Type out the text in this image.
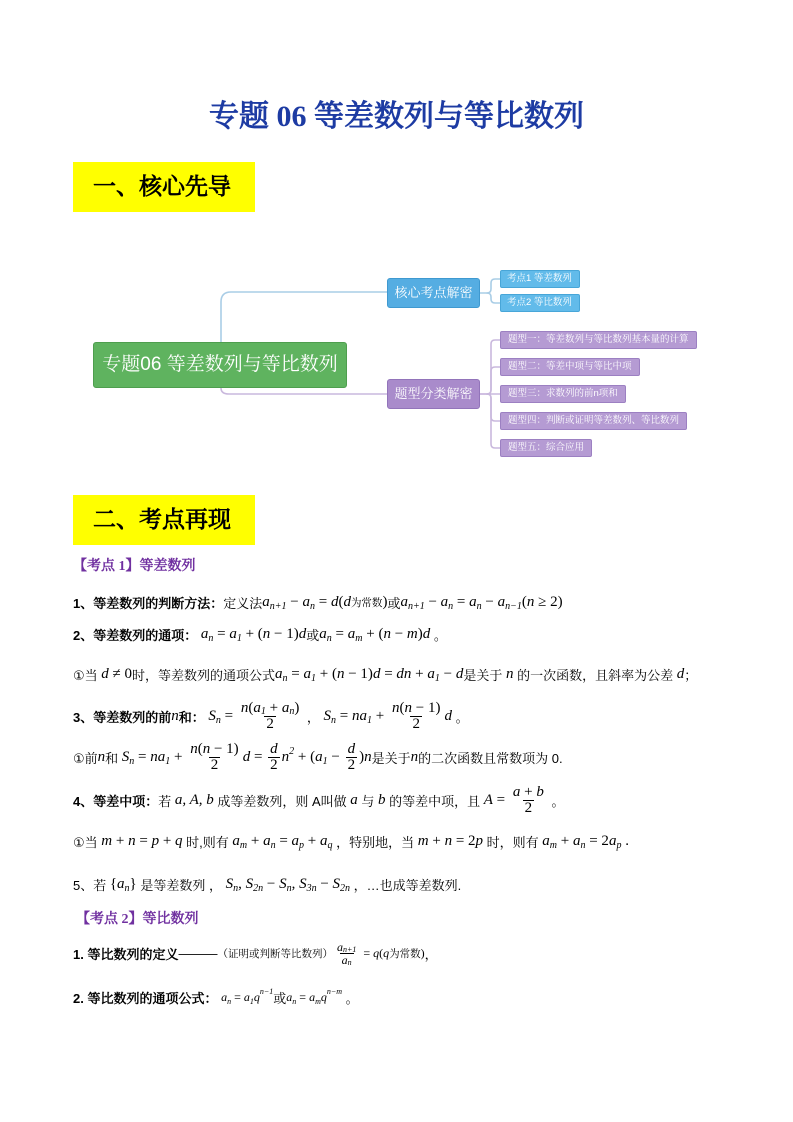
专题 06 等差数列与等比数列
一、核心先导
专题06 等差数列与等比数列
核心考点解密
考点1 等差数列
考点2 等比数列
题型分类解密
题型一：等差数列与等比数列基本量的计算
题型二：等差中项与等比中项
题型三：求数列的前n项和
题型四：判断或证明等差数列、等比数列
题型五：综合应用
二、考点再现
【考点 1】等差数列
1、等差数列的判断方法： 定义法 a n+1 − a n = d ( d 为常数 ) 或 a n+1 − a n = a n − a n−1 ( n ≥ 2)
2、等差数列的通项：
a n = a 1 + ( n − 1) d 或 a n = a m + ( n − m ) d 。
①当 d ≠ 0 时，等差数列的通项公式 a n = a 1 + ( n − 1) d = dn + a 1 − d 是关于 n 的一次函数，且斜率为公差 d ；
3、等差数列的前 n 和：
S $n = \frac{\text{n ( a 1 + a n )}}{2}$ ， S n = na $1 + \frac{n ( n - 1)}{2}$ d 。
①前 n 和 S n = na $1 + \frac{n ( n - 1)}{2}$ $d = \frac{d}{2}$ n 2 + ( a $1 - \frac{d}{2}$ ) n 是关于 n 的二次函数且常数项为 0.
4、等差中项： 若 a, A, b 成等差数列，则 A叫做 a 与 b 的等差中项，且 $A = \frac{a + b}{2}$ 。
①当 m + n = p + q 时,则有 a m + a n = a p + a q ，特别地，当 m + n = 2 p 时，则有 a m + a n = 2 a p .
5、若 { a n } 是等差数列 ， S n , S 2n − S n , S 3n − S 2n ，…也成等差数列.
【考点 2】等比数列
1. 等比数列的定义 ——— （证明或判断等比数列） $\frac{\text{a n+1}}{\text{a n}} = q$ ( q 为常数 ) ，
2. 等比数列的通项公式：
a n = a 1 q n−1 或 a n = a m q n−m 。
